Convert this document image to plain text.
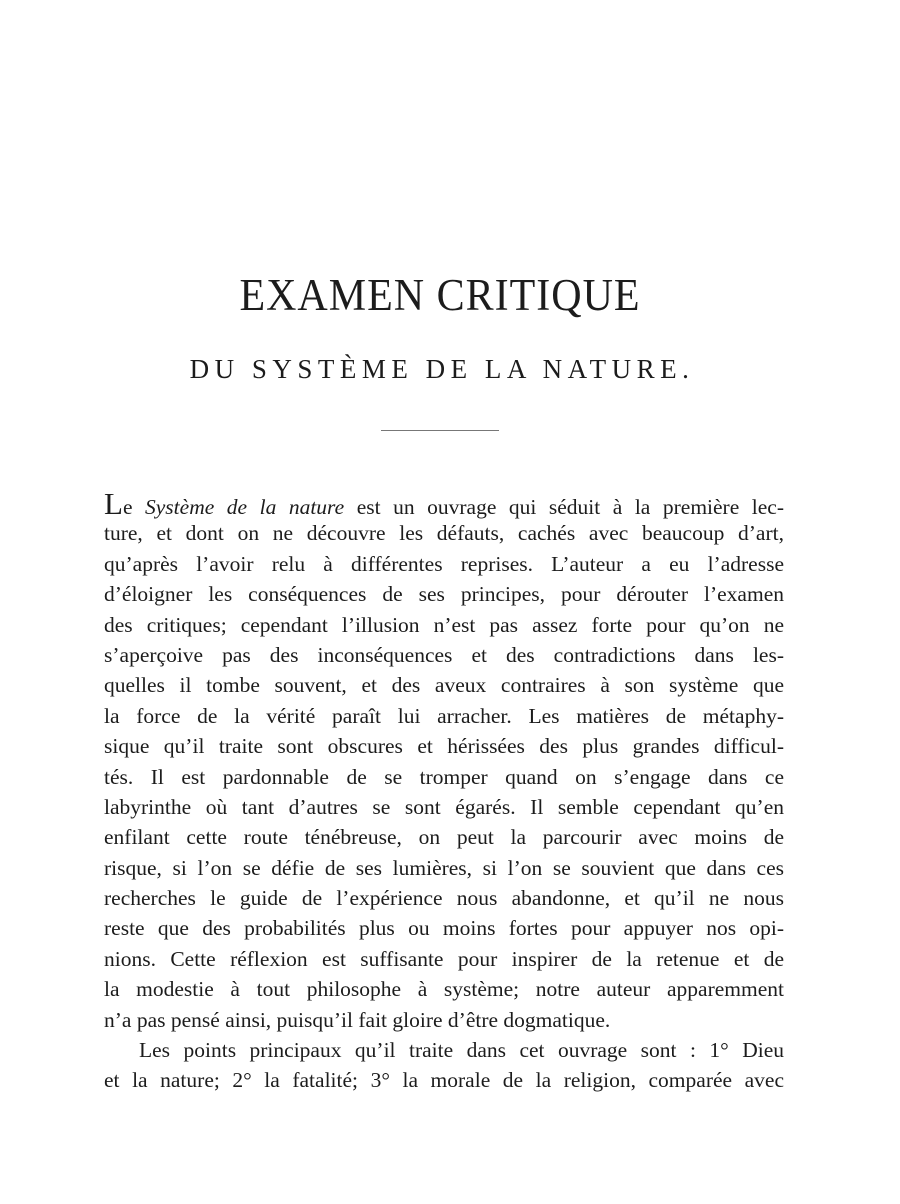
EXAMEN CRITIQUE
DU SYSTÈME DE LA NATURE.
Le Système de la nature est un ouvrage qui séduit à la première lec-
ture, et dont on ne découvre les défauts, cachés avec beaucoup d’art,
qu’après l’avoir relu à différentes reprises. L’auteur a eu l’adresse
d’éloigner les conséquences de ses principes, pour dérouter l’examen
des critiques; cependant l’illusion n’est pas assez forte pour qu’on ne
s’aperçoive pas des inconséquences et des contradictions dans les-
quelles il tombe souvent, et des aveux contraires à son système que
la force de la vérité paraît lui arracher. Les matières de métaphy-
sique qu’il traite sont obscures et hérissées des plus grandes difficul-
tés. Il est pardonnable de se tromper quand on s’engage dans ce
labyrinthe où tant d’autres se sont égarés. Il semble cependant qu’en
enfilant cette route ténébreuse, on peut la parcourir avec moins de
risque, si l’on se défie de ses lumières, si l’on se souvient que dans ces
recherches le guide de l’expérience nous abandonne, et qu’il ne nous
reste que des probabilités plus ou moins fortes pour appuyer nos opi-
nions. Cette réflexion est suffisante pour inspirer de la retenue et de
la modestie à tout philosophe à système; notre auteur apparemment
n’a pas pensé ainsi, puisqu’il fait gloire d’être dogmatique.
Les points principaux qu’il traite dans cet ouvrage sont : 1° Dieu
et la nature; 2° la fatalité; 3° la morale de la religion, comparée avec
